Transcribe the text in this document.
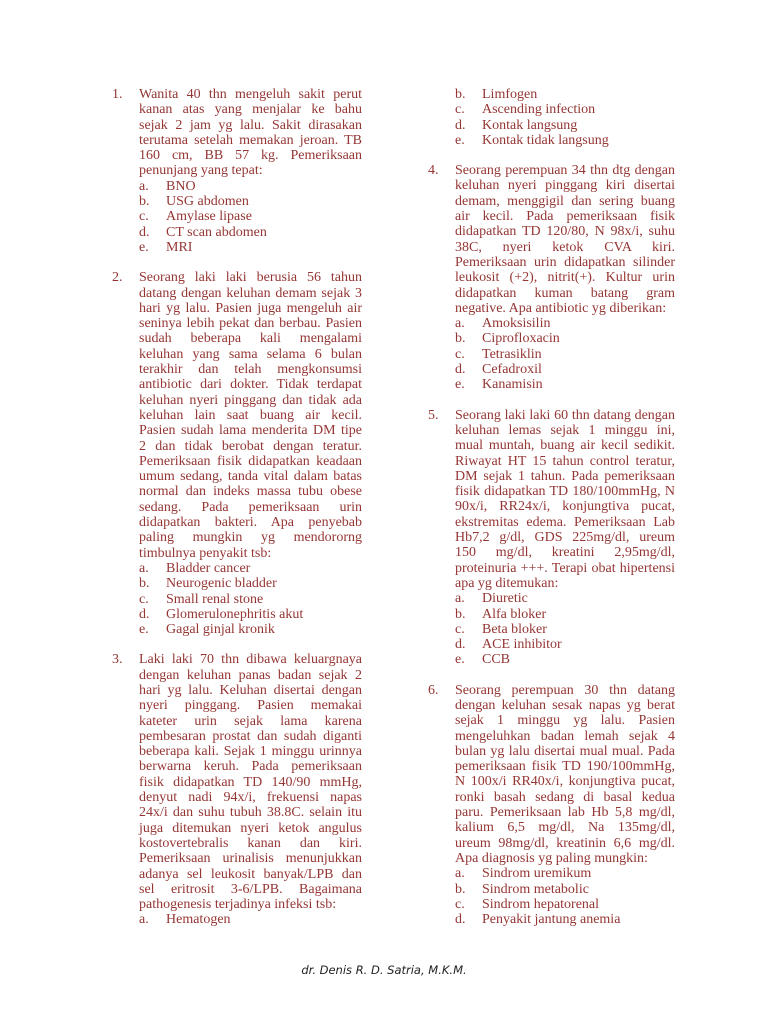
1. Wanita 40 thn mengeluh sakit perut
kanan atas yang menjalar ke bahu
sejak 2 jam yg lalu. Sakit dirasakan
terutama setelah memakan jeroan. TB
160 cm, BB 57 kg. Pemeriksaan
penunjang yang tepat:
a. BNO
b. USG abdomen
c. Amylase lipase
d. CT scan abdomen
e. MRI
2. Seorang laki laki berusia 56 tahun
datang dengan keluhan demam sejak 3
hari yg lalu. Pasien juga mengeluh air
seninya lebih pekat dan berbau. Pasien
sudah beberapa kali mengalami
keluhan yang sama selama 6 bulan
terakhir dan telah mengkonsumsi
antibiotic dari dokter. Tidak terdapat
keluhan nyeri pinggang dan tidak ada
keluhan lain saat buang air kecil.
Pasien sudah lama menderita DM tipe
2 dan tidak berobat dengan teratur.
Pemeriksaan fisik didapatkan keadaan
umum sedang, tanda vital dalam batas
normal dan indeks massa tubu obese
sedang. Pada pemeriksaan urin
didapatkan bakteri. Apa penyebab
paling mungkin yg mendororng
timbulnya penyakit tsb:
a. Bladder cancer
b. Neurogenic bladder
c. Small renal stone
d. Glomerulonephritis akut
e. Gagal ginjal kronik
3. Laki laki 70 thn dibawa keluargnaya
dengan keluhan panas badan sejak 2
hari yg lalu. Keluhan disertai dengan
nyeri pinggang. Pasien memakai
kateter urin sejak lama karena
pembesaran prostat dan sudah diganti
beberapa kali. Sejak 1 minggu urinnya
berwarna keruh. Pada pemeriksaan
fisik didapatkan TD 140/90 mmHg,
denyut nadi 94x/i, frekuensi napas
24x/i dan suhu tubuh 38.8C. selain itu
juga ditemukan nyeri ketok angulus
kostovertebralis kanan dan kiri.
Pemeriksaan urinalisis menunjukkan
adanya sel leukosit banyak/LPB dan
sel eritrosit 3-6/LPB. Bagaimana
pathogenesis terjadinya infeksi tsb:
a. Hematogen
b. Limfogen
c. Ascending infection
d. Kontak langsung
e. Kontak tidak langsung
4. Seorang perempuan 34 thn dtg dengan
keluhan nyeri pinggang kiri disertai
demam, menggigil dan sering buang
air kecil. Pada pemeriksaan fisik
didapatkan TD 120/80, N 98x/i, suhu
38C, nyeri ketok CVA kiri.
Pemeriksaan urin didapatkan silinder
leukosit (+2), nitrit(+). Kultur urin
didapatkan kuman batang gram
negative. Apa antibiotic yg diberikan:
a. Amoksisilin
b. Ciprofloxacin
c. Tetrasiklin
d. Cefadroxil
e. Kanamisin
5. Seorang laki laki 60 thn datang dengan
keluhan lemas sejak 1 minggu ini,
mual muntah, buang air kecil sedikit.
Riwayat HT 15 tahun control teratur,
DM sejak 1 tahun. Pada pemeriksaan
fisik didapatkan TD 180/100mmHg, N
90x/i, RR24x/i, konjungtiva pucat,
ekstremitas edema. Pemeriksaan Lab
Hb7,2 g/dl, GDS 225mg/dl, ureum
150 mg/dl, kreatini 2,95mg/dl,
proteinuria +++. Terapi obat hipertensi
apa yg ditemukan:
a. Diuretic
b. Alfa bloker
c. Beta bloker
d. ACE inhibitor
e. CCB
6. Seorang perempuan 30 thn datang
dengan keluhan sesak napas yg berat
sejak 1 minggu yg lalu. Pasien
mengeluhkan badan lemah sejak 4
bulan yg lalu disertai mual mual. Pada
pemeriksaan fisik TD 190/100mmHg,
N 100x/i RR40x/i, konjungtiva pucat,
ronki basah sedang di basal kedua
paru. Pemeriksaan lab Hb 5,8 mg/dl,
kalium 6,5 mg/dl, Na 135mg/dl,
ureum 98mg/dl, kreatinin 6,6 mg/dl.
Apa diagnosis yg paling mungkin:
a. Sindrom uremikum
b. Sindrom metabolic
c. Sindrom hepatorenal
d. Penyakit jantung anemia
dr. Denis R. D. Satria, M.K.M.
